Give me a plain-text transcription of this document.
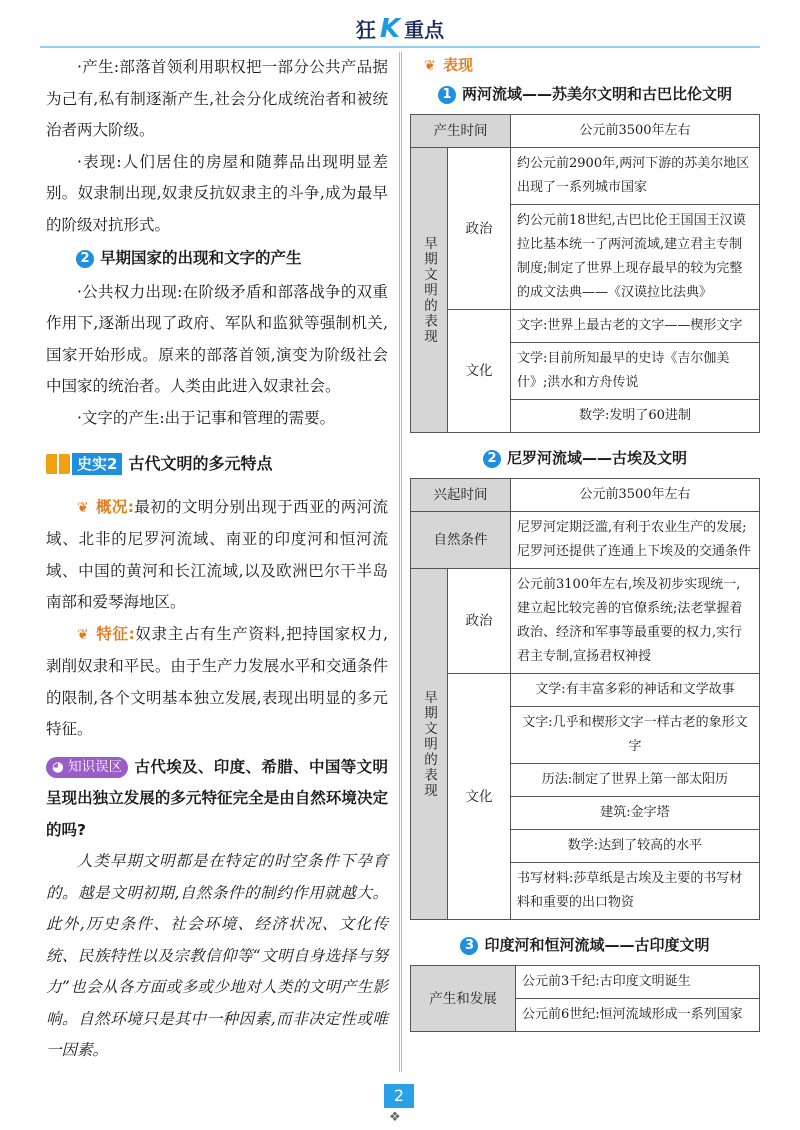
狂 K 重点

·产生:部落首领利用职权把一部分公共产品据为己有,私有制逐渐产生,社会分化成统治者和被统治者两大阶级。

·表现:人们居住的房屋和随葬品出现明显差别。奴隶制出现,奴隶反抗奴隶主的斗争,成为最早的阶级对抗形式。

2 早期国家的出现和文字的产生

·公共权力出现:在阶级矛盾和部落战争的双重作用下,逐渐出现了政府、军队和监狱等强制机关,国家开始形成。原来的部落首领,演变为阶级社会中国家的统治者。人类由此进入奴隶社会。

·文字的产生:出于记事和管理的需要。

史实2 古代文明的多元特点

❦ 概况:最初的文明分别出现于西亚的两河流域、北非的尼罗河流域、南亚的印度河和恒河流域、中国的黄河和长江流域,以及欧洲巴尔干半岛南部和爱琴海地区。

❦ 特征:奴隶主占有生产资料,把持国家权力,剥削奴隶和平民。由于生产力发展水平和交通条件的限制,各个文明基本独立发展,表现出明显的多元特征。

◕ 知识误区 古代埃及、印度、希腊、中国等文明呈现出独立发展的多元特征完全是由自然环境决定的吗?

人类早期文明都是在特定的时空条件下孕育的。越是文明初期,自然条件的制约作用就越大。此外,历史条件、社会环境、经济状况、文化传统、民族特性以及宗教信仰等“文明自身选择与努力”也会从各方面或多或少地对人类的文明产生影响。自然环境只是其中一种因素,而非决定性或唯一因素。

❦ 表现
1 两河流域——苏美尔文明和古巴比伦文明
产生时间		公元前3500年左右
早期文明的表现	政治	约公元前2900年,两河下游的苏美尔地区出现了一系列城市国家
		约公元前18世纪,古巴比伦王国国王汉谟拉比基本统一了两河流域,建立君主专制制度;制定了世界上现存最早的较为完整的成文法典——《汉谟拉比法典》
	文化	文字:世界上最古老的文字——楔形文字
		文学:目前所知最早的史诗《吉尔伽美什》;洪水和方舟传说
		数学:发明了60进制
2 尼罗河流域——古埃及文明
兴起时间		公元前3500年左右
自然条件		尼罗河定期泛滥,有利于农业生产的发展;尼罗河还提供了连通上下埃及的交通条件
早期文明的表现	政治	公元前3100年左右,埃及初步实现统一,建立起比较完善的官僚系统;法老掌握着政治、经济和军事等最重要的权力,实行君主专制,宣扬君权神授
	文化	文学:有丰富多彩的神话和文学故事
		文字:几乎和楔形文字一样古老的象形文字
		历法:制定了世界上第一部太阳历
		建筑:金字塔
		数学:达到了较高的水平
		书写材料:莎草纸是古埃及主要的书写材料和重要的出口物资
3 印度河和恒河流域——古印度文明
产生和发展	公元前3千纪:古印度文明诞生
公元前6世纪:恒河流域形成一系列国家
2
❖
